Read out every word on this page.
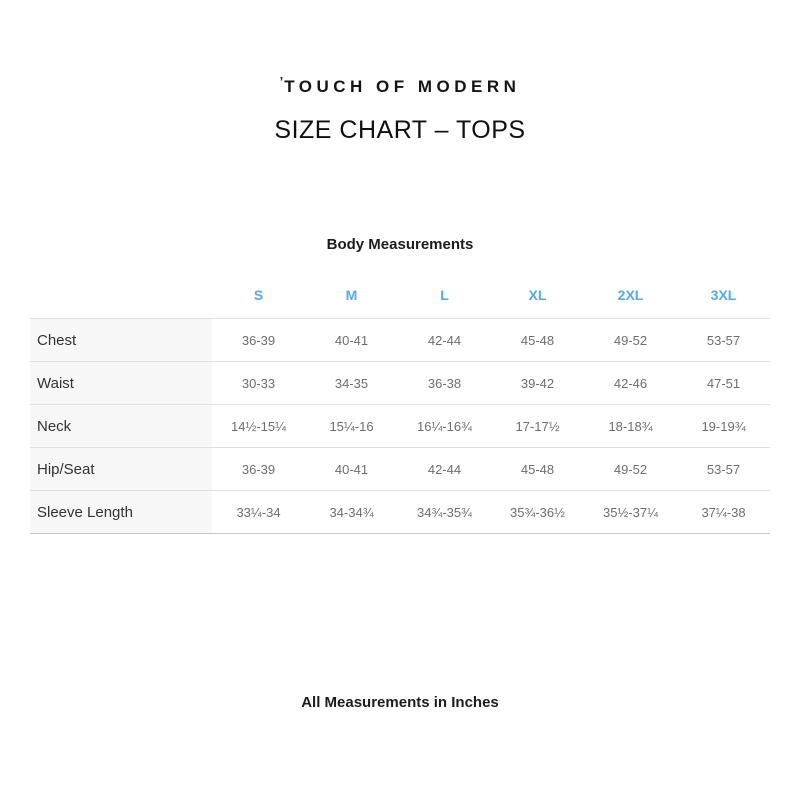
$^ʼ$TOUCH OF MODERN
SIZE CHART – TOPS
Body Measurements
	S	M	L	XL	2XL	3XL
Chest	36-39	40-41	42-44	45-48	49-52	53-57
Waist	30-33	34-35	36-38	39-42	42-46	47-51
Neck	14½-15¼	15¼-16	16¼-16¾	17-17½	18-18¾	19-19¾
Hip/Seat	36-39	40-41	42-44	45-48	49-52	53-57
Sleeve Length	33¼-34	34-34¾	34¾-35¾	35¾-36½	35½-37¼	37¼-38
All Measurements in Inches
